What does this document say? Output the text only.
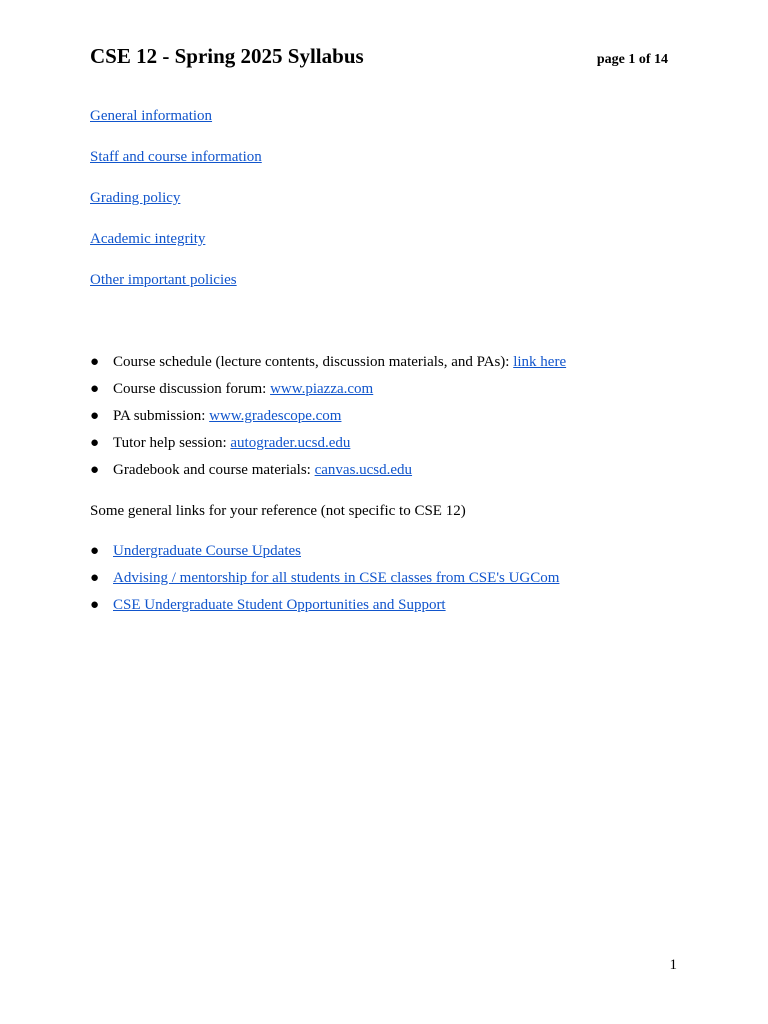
CSE 12 - Spring 2025 Syllabus	page 1 of 14
General information
Staff and course information
Grading policy
Academic integrity
Other important policies
● Course schedule (lecture contents, discussion materials, and PAs): link here
● Course discussion forum: www.piazza.com
● PA submission: www.gradescope.com
● Tutor help session: autograder.ucsd.edu
● Gradebook and course materials: canvas.ucsd.edu

Some general links for your reference (not specific to CSE 12)

● Undergraduate Course Updates
● Advising / mentorship for all students in CSE classes from CSE's UGCom
● CSE Undergraduate Student Opportunities and Support
1
